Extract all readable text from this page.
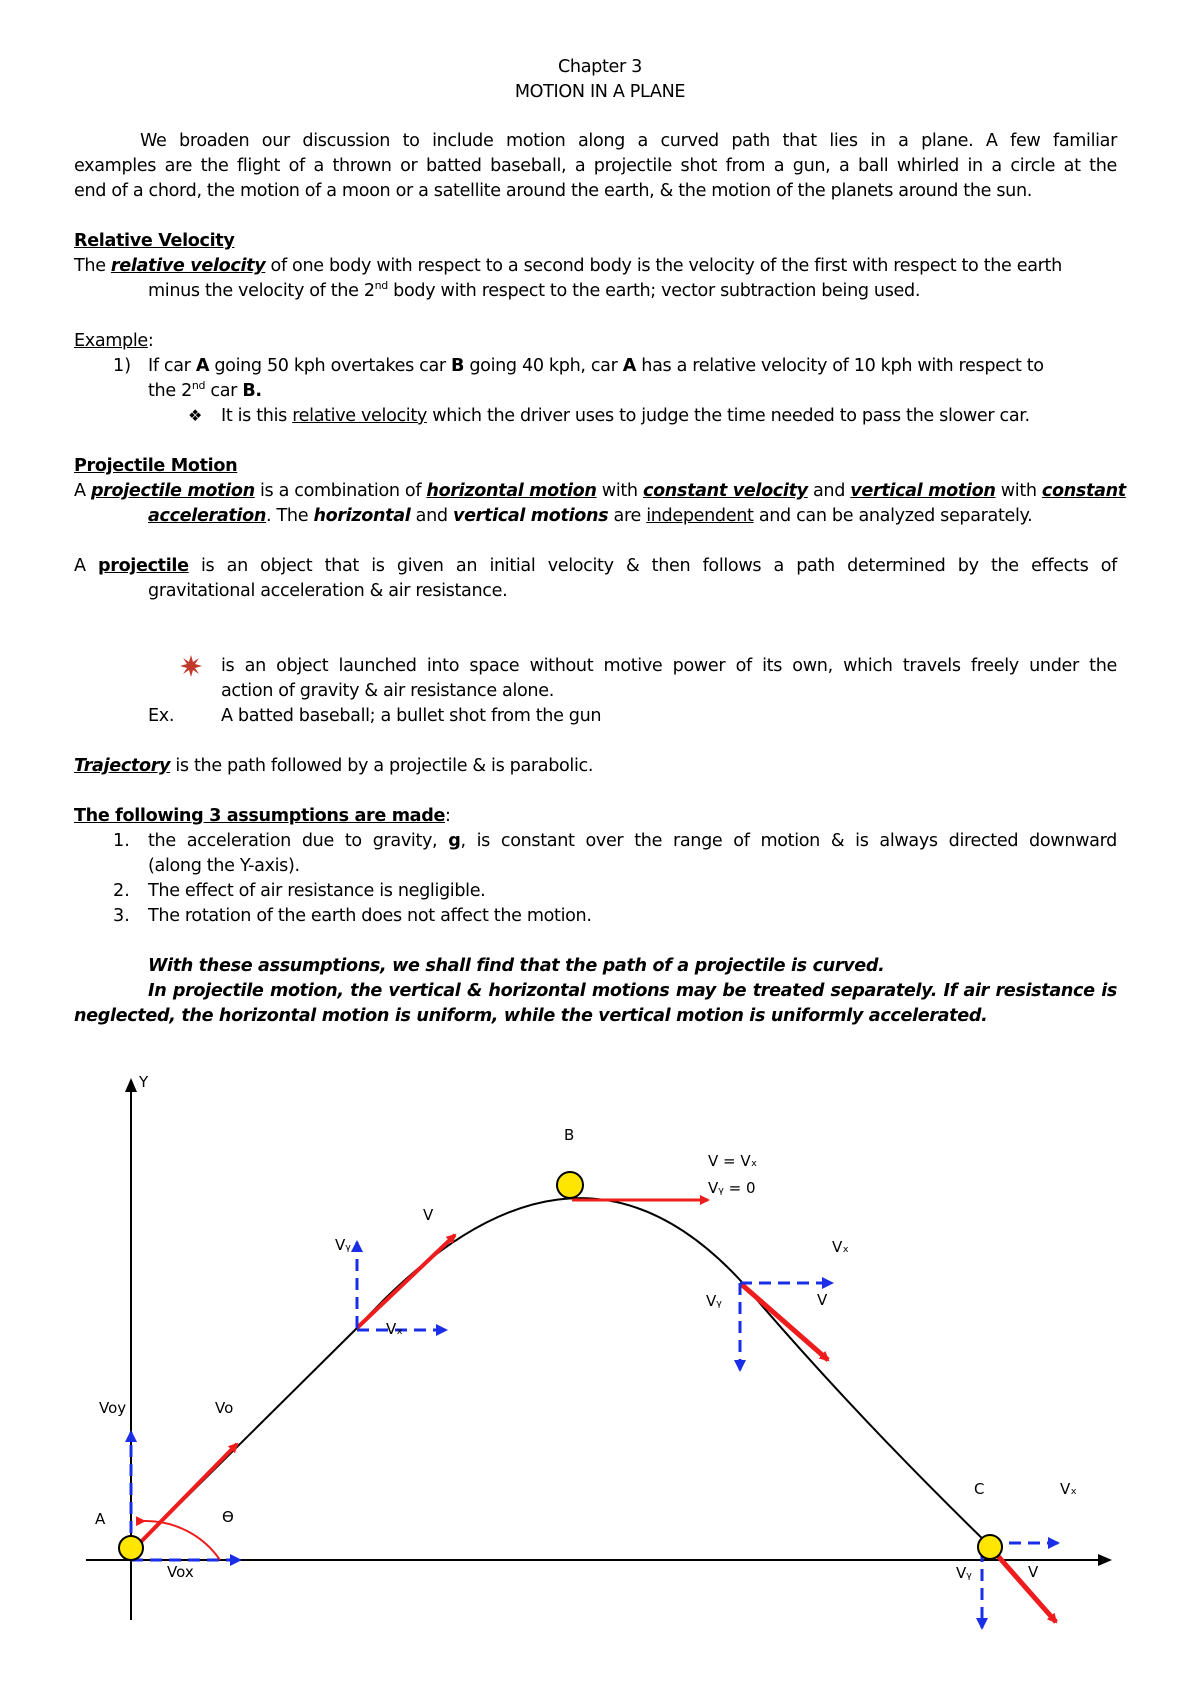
Chapter 3
MOTION IN A PLANE
We broaden our discussion to include motion along a curved path that lies in a plane. A few familiar
examples are the flight of a thrown or batted baseball, a projectile shot from a gun, a ball whirled in a circle at the
end of a chord, the motion of a moon or a satellite around the earth, & the motion of the planets around the sun.
Relative Velocity
The relative velocity of one body with respect to a second body is the velocity of the first with respect to the earth
minus the velocity of the 2nd body with respect to the earth; vector subtraction being used.
Example:
1) If car A going 50 kph overtakes car B going 40 kph, car A has a relative velocity of 10 kph with respect to
the 2nd car B.
❖ It is this relative velocity which the driver uses to judge the time needed to pass the slower car.
Projectile Motion
A projectile motion is a combination of horizontal motion with constant velocity and vertical motion with constant
acceleration. The horizontal and vertical motions are independent and can be analyzed separately.
A projectile is an object that is given an initial velocity & then follows a path determined by the effects of
gravitational acceleration & air resistance.
is an object launched into space without motive power of its own, which travels freely under the
action of gravity & air resistance alone.
Ex.	A batted baseball; a bullet shot from the gun
Trajectory is the path followed by a projectile & is parabolic.
The following 3 assumptions are made:
1. the acceleration due to gravity, g, is constant over the range of motion & is always directed downward
(along the Y-axis).
2. The effect of air resistance is negligible.
3. The rotation of the earth does not affect the motion.
With these assumptions, we shall find that the path of a projectile is curved.
In projectile motion, the vertical & horizontal motions may be treated separately. If air resistance is
neglected, the horizontal motion is uniform, while the vertical motion is uniformly accelerated.
Y
A
B
C
Ɵ
Vo
Voy
Vox
V
Vᵧ
Vₓ
V = Vₓ
Vᵧ = 0
Vₓ
Vᵧ	V
Vₓ
Vᵧ	V
